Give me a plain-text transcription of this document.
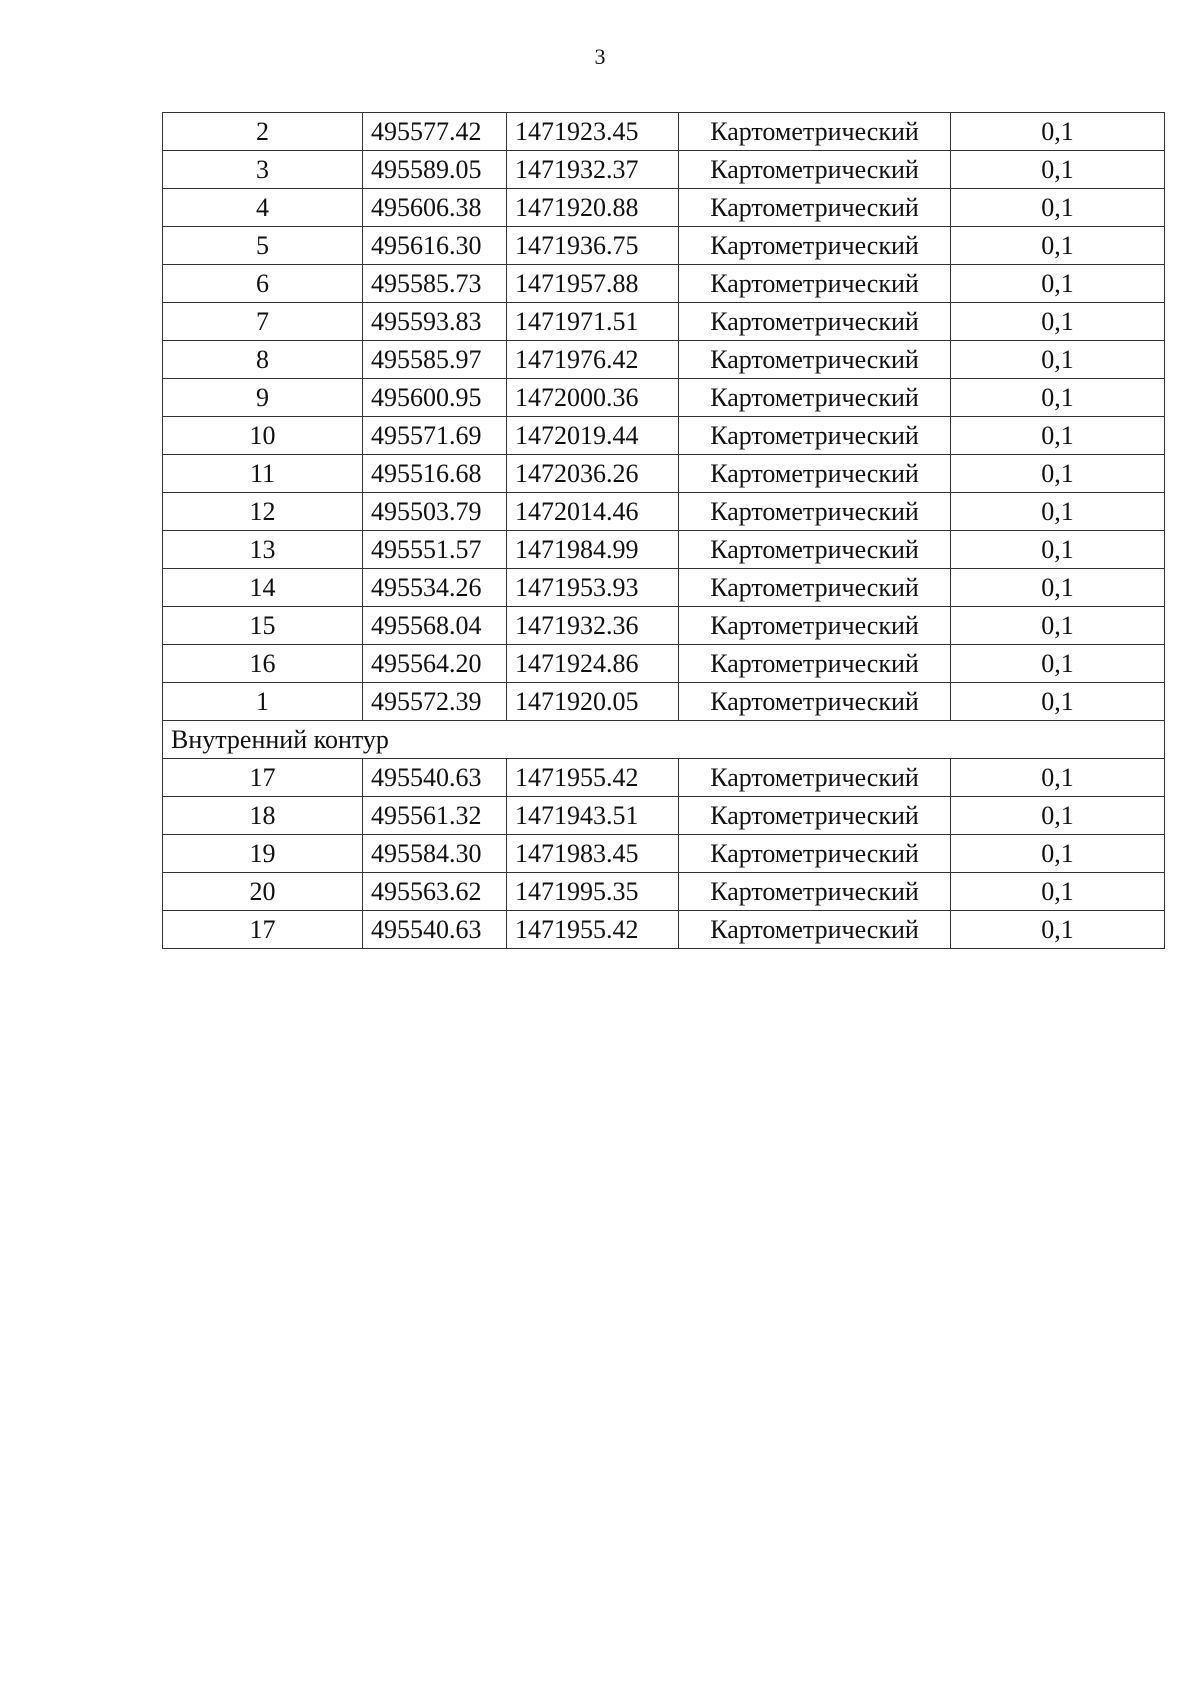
3
2	495577.42	1471923.45	Картометрический	0,1
3	495589.05	1471932.37	Картометрический	0,1
4	495606.38	1471920.88	Картометрический	0,1
5	495616.30	1471936.75	Картометрический	0,1
6	495585.73	1471957.88	Картометрический	0,1
7	495593.83	1471971.51	Картометрический	0,1
8	495585.97	1471976.42	Картометрический	0,1
9	495600.95	1472000.36	Картометрический	0,1
10	495571.69	1472019.44	Картометрический	0,1
11	495516.68	1472036.26	Картометрический	0,1
12	495503.79	1472014.46	Картометрический	0,1
13	495551.57	1471984.99	Картометрический	0,1
14	495534.26	1471953.93	Картометрический	0,1
15	495568.04	1471932.36	Картометрический	0,1
16	495564.20	1471924.86	Картометрический	0,1
1	495572.39	1471920.05	Картометрический	0,1
Внутренний контур				
17	495540.63	1471955.42	Картометрический	0,1
18	495561.32	1471943.51	Картометрический	0,1
19	495584.30	1471983.45	Картометрический	0,1
20	495563.62	1471995.35	Картометрический	0,1
17	495540.63	1471955.42	Картометрический	0,1
